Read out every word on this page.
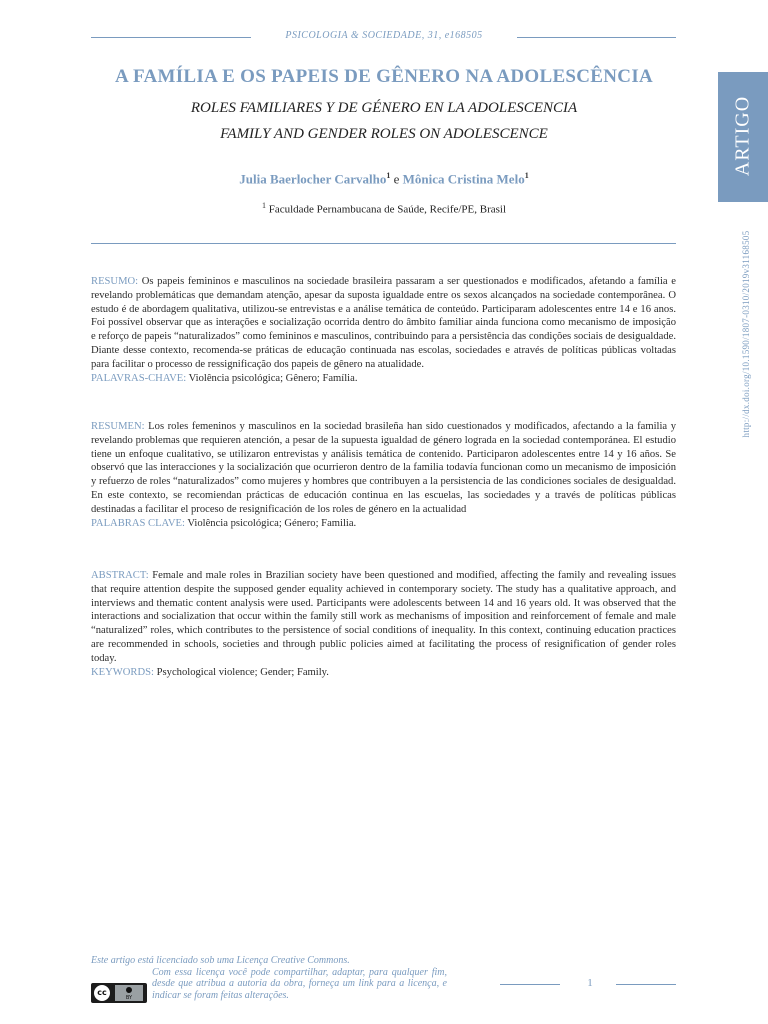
PSICOLOGIA & SOCIEDADE, 31, e168505
A FAMÍLIA E OS PAPEIS DE GÊNERO NA ADOLESCÊNCIA
ROLES FAMILIARES Y DE GÉNERO EN LA ADOLESCENCIA
FAMILY AND GENDER ROLES ON ADOLESCENCE
Julia Baerlocher Carvalho$^1$ e Mônica Cristina Melo$^1$
$^1$ Faculdade Pernambucana de Saúde, Recife/PE, Brasil
ARTIGO
http://dx.doi.org/10.1590/1807-0310/2019v31168505

RESUMO: Os papeis femininos e masculinos na sociedade brasileira passaram a ser questionados e modificados, afetando a família e revelando problemáticas que demandam atenção, apesar da suposta igualdade entre os sexos alcançados na sociedade contemporânea. O estudo é de abordagem qualitativa, utilizou-se entrevistas e a análise temática de conteúdo. Participaram adolescentes entre 14 e 16 anos. Foi possível observar que as interações e socialização ocorrida dentro do âmbito familiar ainda funciona como mecanismo de imposição e reforço de papeis “naturalizados” como femininos e masculinos, contribuindo para a persistência das condições sociais de desigualdade. Diante desse contexto, recomenda-se práticas de educação continuada nas escolas, sociedades e através de políticas públicas voltadas para facilitar o processo de ressignificação dos papeis de gênero na atualidade.

PALAVRAS-CHAVE: Violência psicológica; Gênero; Família.

RESUMEN: Los roles femeninos y masculinos en la sociedad brasileña han sido cuestionados y modificados, afectando a la familia y revelando problemas que requieren atención, a pesar de la supuesta igualdad de género lograda en la sociedad contemporánea. El estudio tiene un enfoque cualitativo, se utilizaron entrevistas y análisis temática de contenido. Participaron adolescentes entre 14 y 16 años. Se observó que las interacciones y la socialización que ocurrieron dentro de la familia todavía funcionan como un mecanismo de imposición y refuerzo de roles “naturalizados” como mujeres y hombres que contribuyen a la persistencia de las condiciones sociales de desigualdad. En este contexto, se recomiendan prácticas de educación continua en las escuelas, las sociedades y a través de políticas públicas destinadas a facilitar el proceso de resignificación de los roles de género en la actualidad

PALABRAS CLAVE: Violência psicológica; Género; Familia.

ABSTRACT: Female and male roles in Brazilian society have been questioned and modified, affecting the family and revealing issues that require attention despite the supposed gender equality achieved in contemporary society. The study has a qualitative approach, and interviews and thematic content analysis were used. Participants were adolescents between 14 and 16 years old. It was observed that the interactions and socialization that occur within the family still work as mechanisms of imposition and reinforcement of female and male “naturalized” roles, which contributes to the persistence of social conditions of inequality. In this context, continuing education practices are recommended in schools, societies and through public policies aimed at facilitating the process of resignification of gender roles today.

KEYWORDS: Psychological violence; Gender; Family.

Este artigo está licenciado sob uma Licença Creative Commons.
Com essa licença você pode compartilhar, adaptar, para qualquer fim, desde que atribua a autoria da obra, forneça um link para a licença, e indicar se foram feitas alterações.
cc
BY
1
